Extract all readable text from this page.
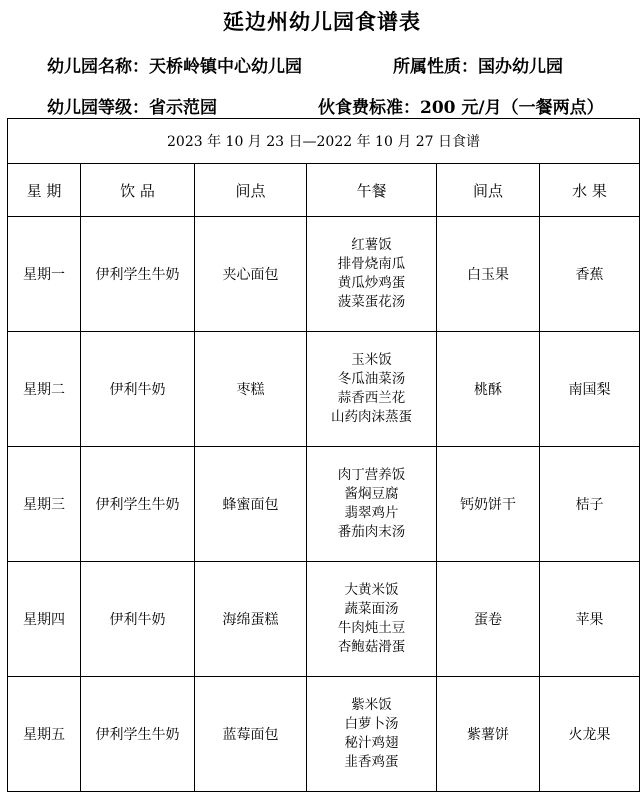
延边州幼儿园食谱表
幼儿园名称：天桥岭镇中心幼儿园	所属性质：国办幼儿园
幼儿园等级：省示范园	伙食费标准：200 元/月（一餐两点）
2023 年 10 月 23 日—2022 年 10 月 27 日食谱					
星 期	饮 品	间点	午餐	间点	水 果
星期一	伊利学生牛奶	夹心面包	红薯饭
排骨烧南瓜
黄瓜炒鸡蛋
菠菜蛋花汤	白玉果	香蕉
星期二	伊利牛奶	枣糕	玉米饭
冬瓜油菜汤
蒜香西兰花
山药肉沫蒸蛋	桃酥	南国梨
星期三	伊利学生牛奶	蜂蜜面包	肉丁营养饭
酱焖豆腐
翡翠鸡片
番茄肉末汤	钙奶饼干	桔子
星期四	伊利牛奶	海绵蛋糕	大黄米饭
蔬菜面汤
牛肉炖土豆
杏鲍菇滑蛋	蛋卷	苹果
星期五	伊利学生牛奶	蓝莓面包	紫米饭
白萝卜汤
秘汁鸡翅
韭香鸡蛋	紫薯饼	火龙果
